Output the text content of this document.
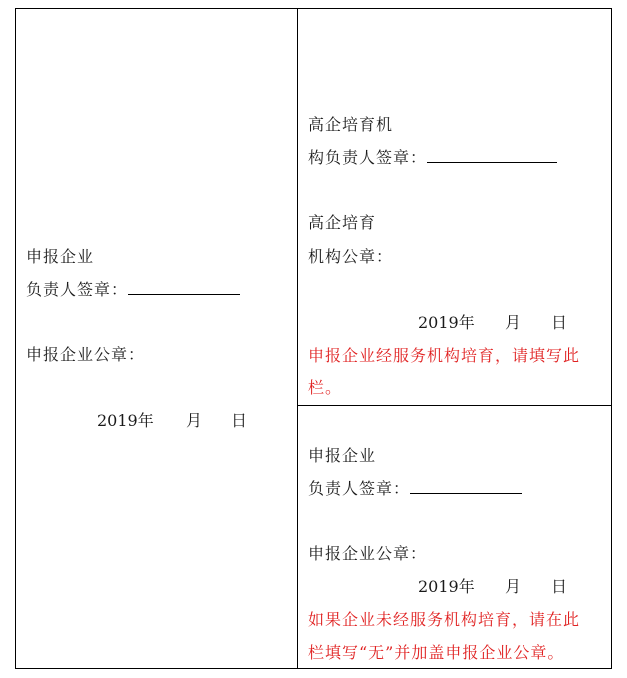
申报企业
负责人签章：
申报企业公章：
2019年 月 日
高企培育机
构负责人签章：
高企培育
机构公章：
2019年 月 日
申报企业经服务机构培育，请填写此
栏。
申报企业
负责人签章：
申报企业公章：
2019年 月 日
如果企业未经服务机构培育，请在此
栏填写“无”并加盖申报企业公章。
